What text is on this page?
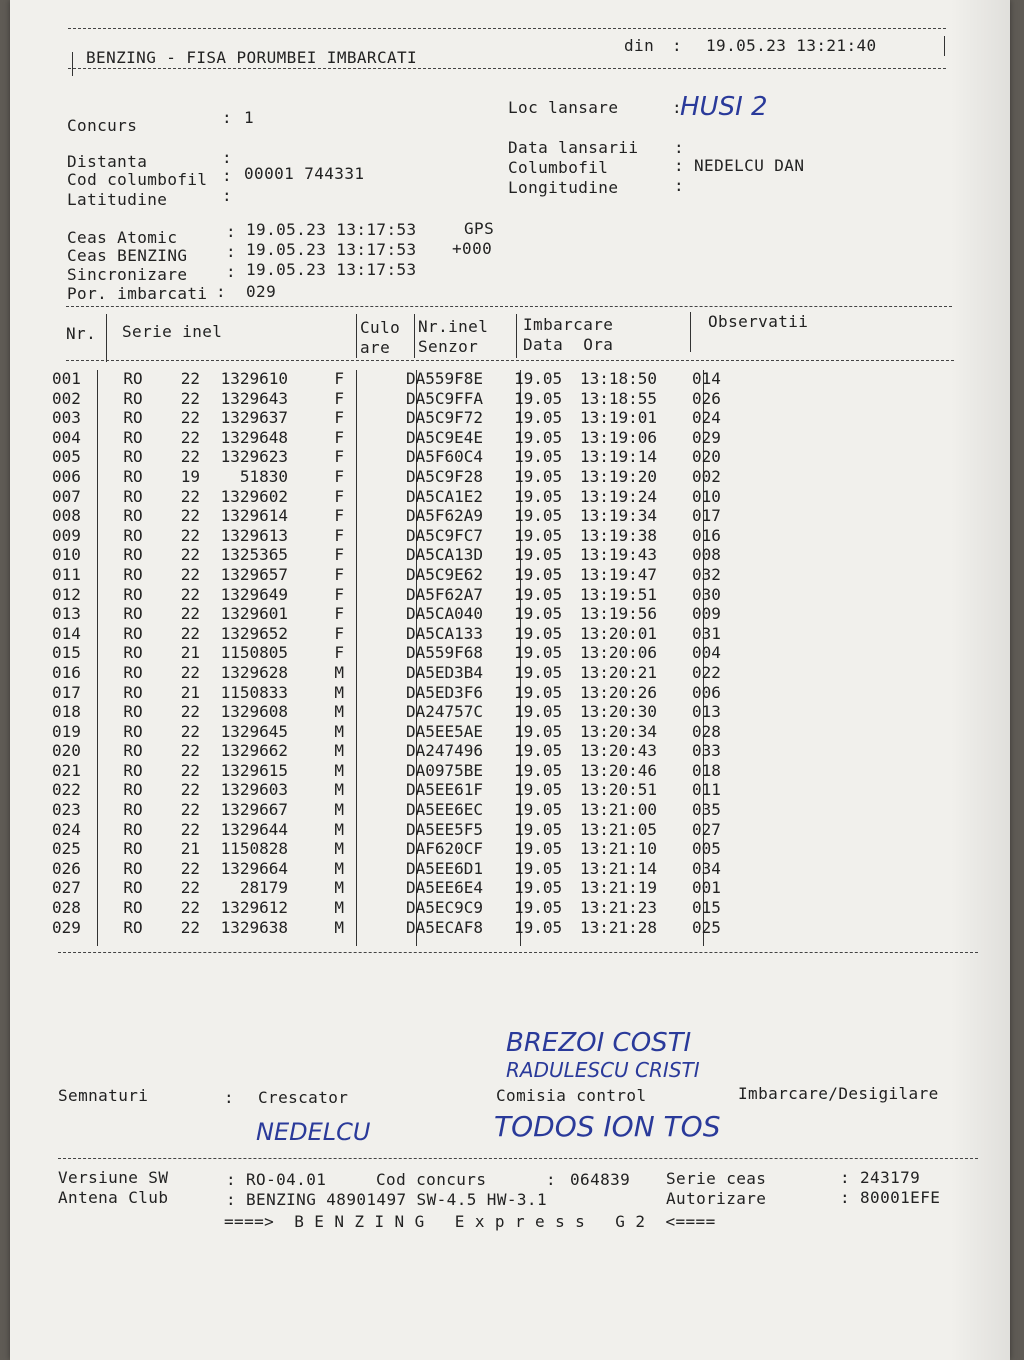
BENZING - FISA PORUMBEI IMBARCATI
din : 19.05.23 13:21:40
Concurs	: 1
Loc lansare	:
HUSI 2
Distanta	:
Data lansarii :
Cod columbofil : 00001 744331	Columbofil	: NEDELCU DAN
Latitudine	:	Longitudine	:
Ceas Atomic	: 19.05.23 13:17:53	GPS
Ceas BENZING : 19.05.23 13:17:53 +000
Sincronizare : 19.05.23 13:17:53
Por. imbarcati : 029
Nr. Serie inel	Culo
are
Nr.inel
Senzor
Imbarcare
Data  Ora
Observatii
001	RO	22	1329610	F		DA559F8E	19.05	13:18:50	014
002	RO	22	1329643	F		DA5C9FFA	19.05	13:18:55	026
003	RO	22	1329637	F		DA5C9F72	19.05	13:19:01	024
004	RO	22	1329648	F		DA5C9E4E	19.05	13:19:06	029
005	RO	22	1329623	F		DA5F60C4	19.05	13:19:14	020
006	RO	19	51830	F		DA5C9F28	19.05	13:19:20	002
007	RO	22	1329602	F		DA5CA1E2	19.05	13:19:24	010
008	RO	22	1329614	F		DA5F62A9	19.05	13:19:34	017
009	RO	22	1329613	F		DA5C9FC7	19.05	13:19:38	016
010	RO	22	1325365	F		DA5CA13D	19.05	13:19:43	008
011	RO	22	1329657	F		DA5C9E62	19.05	13:19:47	032
012	RO	22	1329649	F		DA5F62A7	19.05	13:19:51	030
013	RO	22	1329601	F		DA5CA040	19.05	13:19:56	009
014	RO	22	1329652	F		DA5CA133	19.05	13:20:01	031
015	RO	21	1150805	F		DA559F68	19.05	13:20:06	004
016	RO	22	1329628	M		DA5ED3B4	19.05	13:20:21	022
017	RO	21	1150833	M		DA5ED3F6	19.05	13:20:26	006
018	RO	22	1329608	M		DA24757C	19.05	13:20:30	013
019	RO	22	1329645	M		DA5EE5AE	19.05	13:20:34	028
020	RO	22	1329662	M		DA247496	19.05	13:20:43	033
021	RO	22	1329615	M		DA0975BE	19.05	13:20:46	018
022	RO	22	1329603	M		DA5EE61F	19.05	13:20:51	011
023	RO	22	1329667	M		DA5EE6EC	19.05	13:21:00	035
024	RO	22	1329644	M		DA5EE5F5	19.05	13:21:05	027
025	RO	21	1150828	M		DAF620CF	19.05	13:21:10	005
026	RO	22	1329664	M		DA5EE6D1	19.05	13:21:14	034
027	RO	22	28179	M		DA5EE6E4	19.05	13:21:19	001
028	RO	22	1329612	M		DA5EC9C9	19.05	13:21:23	015
029	RO	22	1329638	M		DA5ECAF8	19.05	13:21:28	025
BREZOI COSTI
RADULESCU CRISTI
Semnaturi	: Crescator	Comisia control	Imbarcare/Desigilare
NEDELCU	TODOS ION TOS
Versiune SW	: RO-04.01	Cod concurs	: 064839 Serie ceas	: 243179
Antena Club	: BENZING 48901497 SW-4.5 HW-3.1	Autorizare	: 80001EFE
====>  B E N Z I N G   E x p r e s s   G 2  <====
